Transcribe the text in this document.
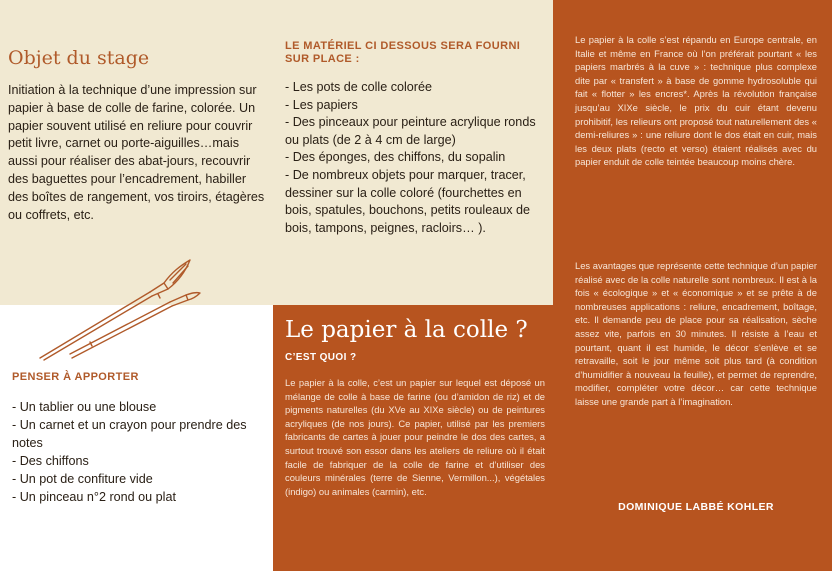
Objet du stage
Initiation à la technique d’une impression sur papier à base de colle de farine, colorée. Un papier souvent utilisé en reliure pour couvrir petit livre, carnet ou porte-aiguilles…mais aussi pour réaliser des abat-jours, recouvrir des baguettes pour l’encadrement, habiller des boîtes de rangement, vos tiroirs, étagères ou coffrets, etc.
LE MATÉRIEL CI DESSOUS SERA FOURNI SUR PLACE :
- Les pots de colle colorée
- Les papiers
- Des pinceaux pour peinture acrylique ronds ou plats (de 2 à 4 cm de large)
- Des éponges, des chiffons, du sopalin
- De nombreux objets pour marquer, tracer, dessiner sur la colle coloré (fourchettes en bois, spatules, bouchons, petits rouleaux de bois, tampons, peignes, racloirs… ).
PENSER À APPORTER
- Un tablier ou une blouse
- Un carnet et un crayon pour prendre des notes
- Des chiffons
- Un pot de confiture vide
- Un pinceau n°2 rond ou plat
Le papier à la colle ?
C’EST QUOI ?
Le papier à la colle, c’est un papier sur lequel est déposé un mélange de colle à base de farine (ou d’amidon de riz) et de pigments naturelles (du XVe au XIXe siècle) ou de peintures acryliques (de nos jours). Ce papier, utilisé par les premiers fabricants de cartes à jouer pour peindre le dos des cartes, a surtout trouvé son essor dans les ateliers de reliure où il était facile de fabriquer de la colle de farine et d’utiliser des couleurs minérales (terre de Sienne, Vermillon...), végétales (indigo) ou animales (carmin), etc.
Le papier à la colle s’est répandu en Europe centrale, en Italie et même en France où l’on préférait pourtant « les papiers marbrés à la cuve » : technique plus complexe dite par « transfert » à base de gomme hydrosoluble qui fait « flotter » les encres*. Après la révolution française jusqu’au XIXe siècle, le prix du cuir étant devenu prohibitif, les relieurs ont proposé tout naturellement des « demi-reliures » : une reliure dont le dos était en cuir, mais les deux plats (recto et verso) étaient réalisés avec du papier enduit de colle teintée beaucoup moins chère.
Les avantages que représente cette technique d’un papier réalisé avec de la colle naturelle sont nombreux. Il est à la fois « écologique » et « économique » et se prête à de nombreuses applications : reliure, encadrement, boîtage, etc. Il demande peu de place pour sa réalisation, sèche assez vite, parfois en 30 minutes. Il résiste à l’eau et pourtant, quant il est humide, le décor s’enlève et se retravaille, soit le jour même soit plus tard (à condition d’humidifier à nouveau la feuille), et permet de reprendre, modifier, compléter votre décor… car cette technique laisse une grande part à l’imagination.
DOMINIQUE LABBÉ KOHLER
